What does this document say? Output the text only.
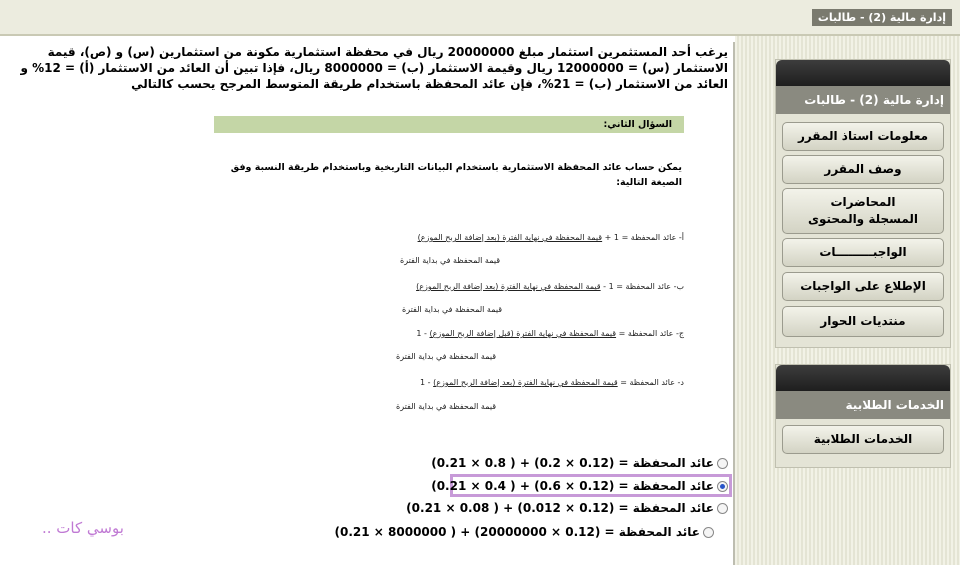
إدارة مالية (2) - طالبات
يرغب أحد المستثمرين استثمار مبلغ 20000000 ريال في محفظة استثمارية مكونة من استثمارين (س) و (ص)، قيمة الاستثمار (س) = 12000000 ريال وقيمة الاستثمار (ب) = 8000000 ريال، فإذا تبين أن العائد من الاستثمار (أ) = 12% و العائد من الاستثمار (ب) = 21%، فإن عائد المحفظة باستخدام طريقة المتوسط المرجح يحسب كالتالي
السؤال الثاني:
يمكن حساب عائد المحفظة الاستثمارية باستخدام البيانات التاريخية وباستخدام طريقة النسبة وفق الصيغة التالية:
أ- عائد المحفظة = 1 + قيمة المحفظة في نهاية الفترة (بعد إضافة الربح الموزع)
قيمة المحفظة في بداية الفترة
ب- عائد المحفظة = 1 - قيمة المحفظة في نهاية الفترة (بعد إضافة الربح الموزع)
قيمة المحفظة في بداية الفترة
ج- عائد المحفظة = قيمة المحفظة في نهاية الفترة (قبل إضافة الربح الموزع) - 1
قيمة المحفظة في بداية الفترة
د- عائد المحفظة = قيمة المحفظة في نهاية الفترة (بعد إضافة الربح الموزع) - 1
قيمة المحفظة في بداية الفترة
عائد المحفظة = (0.12 × 0.2) + ( 0.8 × 0.21)
عائد المحفظة = (0.12 × 0.6) + ( 0.4 × 0.21)
عائد المحفظة = (0.12 × 0.012) + ( 0.08 × 0.21)
عائد المحفظة = (0.12 × 20000000) + ( 8000000 × 0.21)
بوسي كات ..
إدارة مالية (2) - طالبات
معلومات استاذ المقرر
وصف المقرر
المحاضرات المسجلة والمحتوى
الواجبـــــــــات
الإطلاع على الواجبات
منتديات الحوار
الخدمات الطلابية
الخدمات الطلابية
